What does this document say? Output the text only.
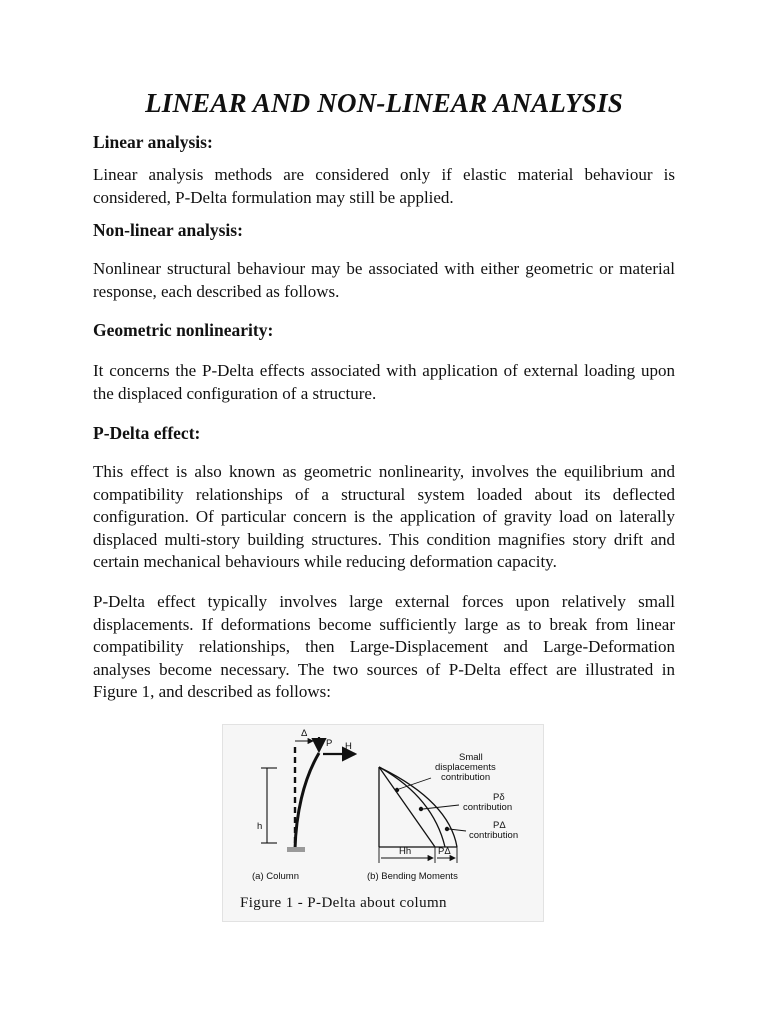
LINEAR AND NON-LINEAR ANALYSIS
Linear analysis:

Linear analysis methods are considered only if elastic material behaviour is considered, P-Delta formulation may still be applied.

Non-linear analysis:

Nonlinear structural behaviour may be associated with either geometric or material response, each described as follows.

Geometric nonlinearity:

It concerns the P-Delta effects associated with application of external loading upon the displaced configuration of a structure.

P-Delta effect:

This effect is also known as geometric nonlinearity, involves the equilibrium and compatibility relationships of a structural system loaded about its deflected configuration. Of particular concern is the application of gravity load on laterally displaced multi-story building structures. This condition magnifies story drift and certain mechanical behaviours while reducing deformation capacity.

P-Delta effect typically involves large external forces upon relatively small displacements. If deformations become sufficiently large as to break from linear compatibility relationships, then Large-Displacement and Large-Deformation analyses become necessary. The two sources of P-Delta effect are illustrated in Figure 1, and described as follows:

Δ
P H
h
(a) Column
Small
displacements
contribution
Pδ
contribution
PΔ
contribution
Hh	PΔ
(b) Bending Moments
Figure 1 - P-Delta about column
